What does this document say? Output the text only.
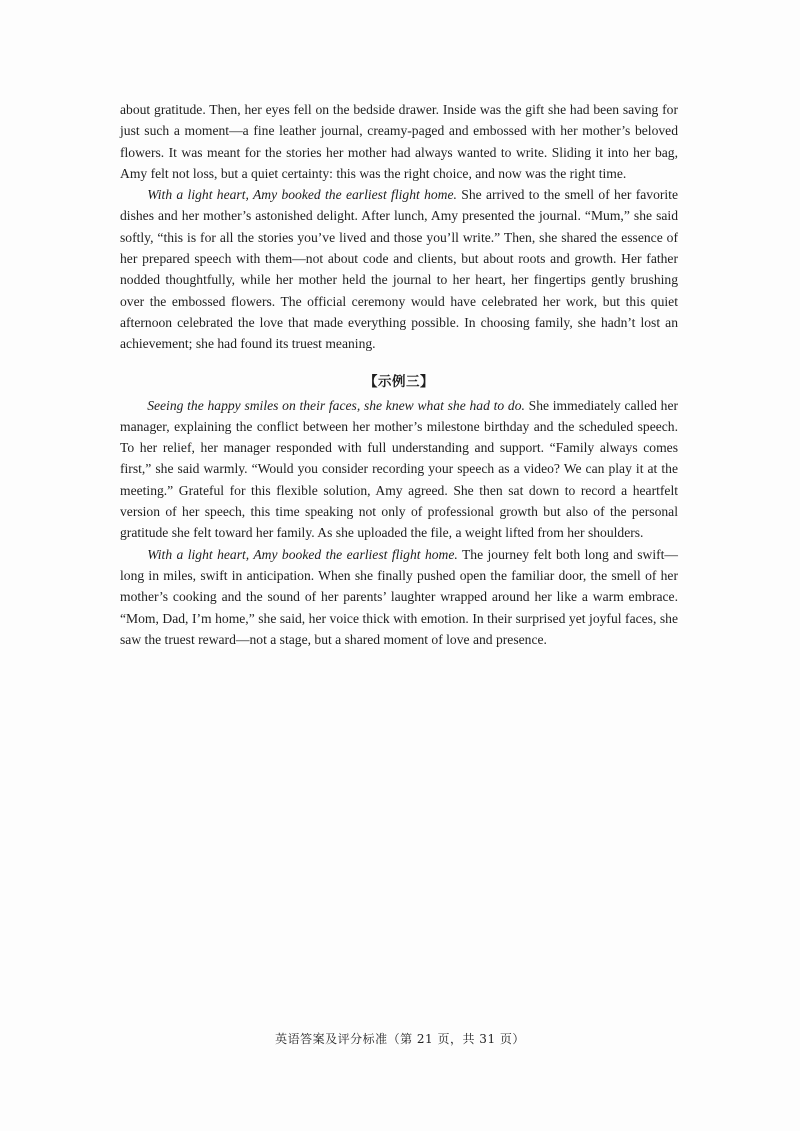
about gratitude. Then, her eyes fell on the bedside drawer. Inside was the gift she had been saving for just such a moment—a fine leather journal, creamy-paged and embossed with her mother’s beloved flowers. It was meant for the stories her mother had always wanted to write. Sliding it into her bag, Amy felt not loss, but a quiet certainty: this was the right choice, and now was the right time.

With a light heart, Amy booked the earliest flight home. She arrived to the smell of her favorite dishes and her mother’s astonished delight. After lunch, Amy presented the journal. “Mum,” she said softly, “this is for all the stories you’ve lived and those you’ll write.” Then, she shared the essence of her prepared speech with them—not about code and clients, but about roots and growth. Her father nodded thoughtfully, while her mother held the journal to her heart, her fingertips gently brushing over the embossed flowers. The official ceremony would have celebrated her work, but this quiet afternoon celebrated the love that made everything possible. In choosing family, she hadn’t lost an achievement; she had found its truest meaning.

【示例三】

Seeing the happy smiles on their faces, she knew what she had to do. She immediately called her manager, explaining the conflict between her mother’s milestone birthday and the scheduled speech. To her relief, her manager responded with full understanding and support. “Family always comes first,” she said warmly. “Would you consider recording your speech as a video? We can play it at the meeting.” Grateful for this flexible solution, Amy agreed. She then sat down to record a heartfelt version of her speech, this time speaking not only of professional growth but also of the personal gratitude she felt toward her family. As she uploaded the file, a weight lifted from her shoulders.

With a light heart, Amy booked the earliest flight home. The journey felt both long and swift—long in miles, swift in anticipation. When she finally pushed open the familiar door, the smell of her mother’s cooking and the sound of her parents’ laughter wrapped around her like a warm embrace. “Mom, Dad, I’m home,” she said, her voice thick with emotion. In their surprised yet joyful faces, she saw the truest reward—not a stage, but a shared moment of love and presence.

英语答案及评分标准（第 21 页，共 31 页）
